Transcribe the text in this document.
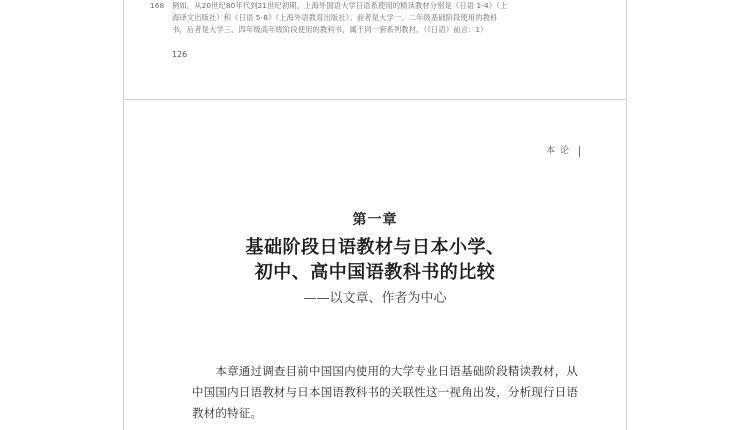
168 例如，从20世纪80年代到21世纪初期，上海外国语大学日语系使用的精读教材分别是《日语 1-4》（上
海译文出版社）和《日语 5-8》（上海外语教育出版社）。前者是大学一、二年级基础阶段使用的教科
书，后者是大学三、四年级高年级阶段使用的教科书，属于同一套系列教材。（《日语》前言：1）
126
本论
第一章
基础阶段日语教材与日本小学、
初中、高中国语教科书的比较
——以文章、作者为中心
　　本章通过调查目前中国国内使用的大学专业日语基础阶段精读教材，从
中国国内日语教材与日本国语教科书的关联性这一视角出发，分析现行日语
教材的特征。
